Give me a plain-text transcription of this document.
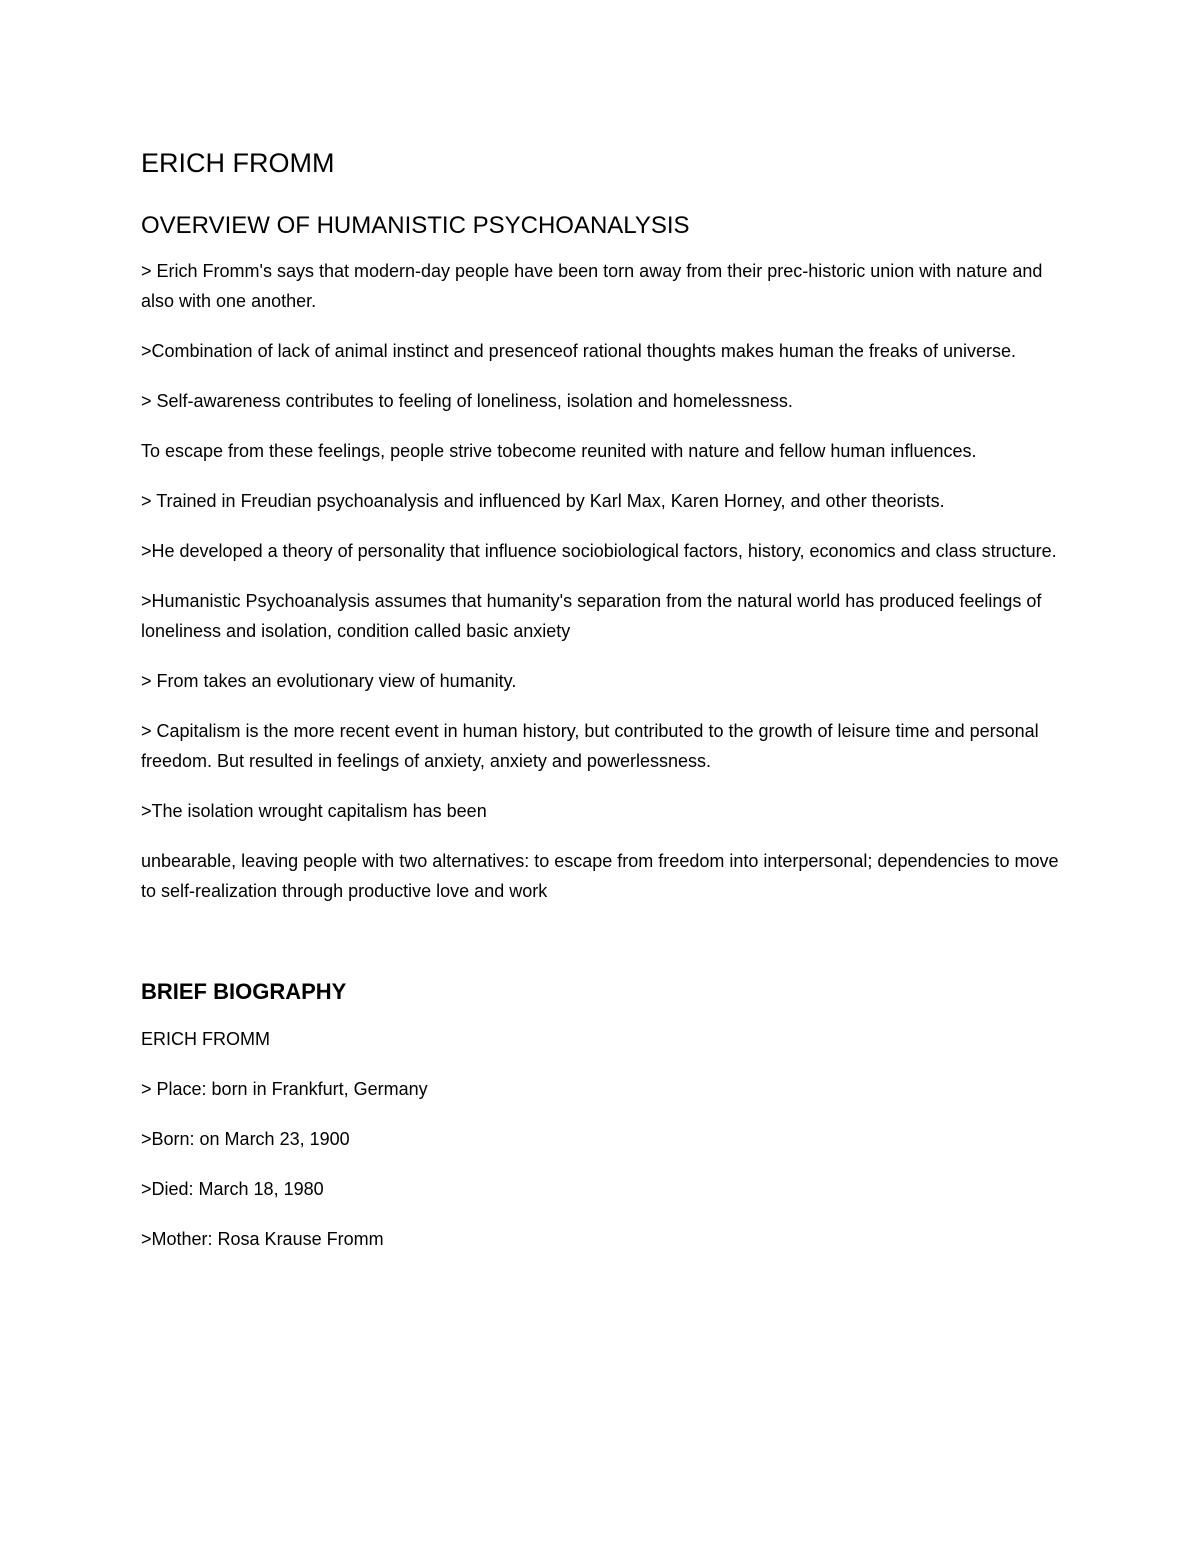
ERICH FROMM
OVERVIEW OF HUMANISTIC PSYCHOANALYSIS

> Erich Fromm's says that modern-day people have been torn away from their prec-historic union with nature and also with one another.

>Combination of lack of animal instinct and presenceof rational thoughts makes human the freaks of universe.

> Self-awareness contributes to feeling of loneliness, isolation and homelessness.

To escape from these feelings, people strive tobecome reunited with nature and fellow human influences.

> Trained in Freudian psychoanalysis and influenced by Karl Max, Karen Horney, and other theorists.

>He developed a theory of personality that influence sociobiological factors, history, economics and class structure.

>Humanistic Psychoanalysis assumes that humanity's separation from the natural world has produced feelings of loneliness and isolation, condition called basic anxiety

> From takes an evolutionary view of humanity.

> Capitalism is the more recent event in human history, but contributed to the growth of leisure time and personal freedom. But resulted in feelings of anxiety, anxiety and powerlessness.

>The isolation wrought capitalism has been

unbearable, leaving people with two alternatives: to escape from freedom into interpersonal; dependencies to move to self-realization through productive love and work

BRIEF BIOGRAPHY

ERICH FROMM

> Place: born in Frankfurt, Germany

>Born: on March 23, 1900

>Died: March 18, 1980

>Mother: Rosa Krause Fromm
